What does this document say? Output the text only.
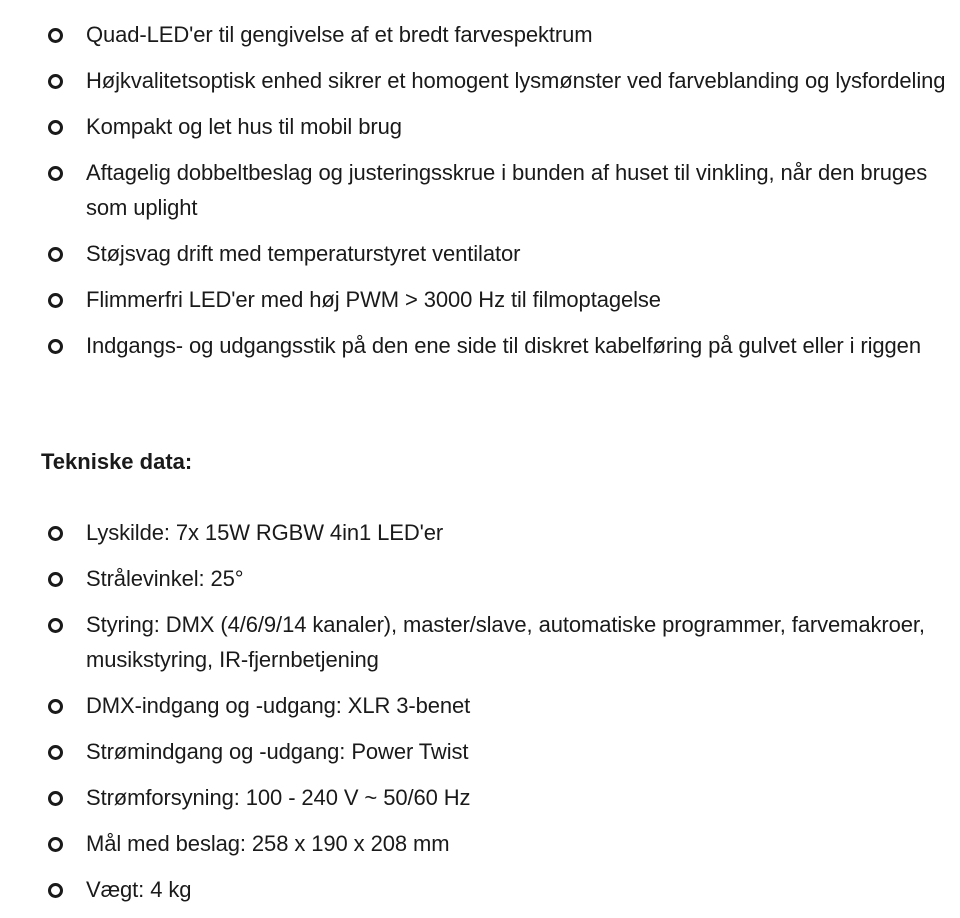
Quad-LED'er til gengivelse af et bredt farvespektrum
Højkvalitetsoptisk enhed sikrer et homogent lysmønster ved farveblanding og lysfordeling
Kompakt og let hus til mobil brug
Aftagelig dobbeltbeslag og justeringsskrue i bunden af huset til vinkling, når den bruges som uplight
Støjsvag drift med temperaturstyret ventilator
Flimmerfri LED'er med høj PWM > 3000 Hz til filmoptagelse
Indgangs- og udgangsstik på den ene side til diskret kabelføring på gulvet eller i riggen
Tekniske data:
Lyskilde: 7x 15W RGBW 4in1 LED'er
Strålevinkel: 25°
Styring: DMX (4/6/9/14 kanaler), master/slave, automatiske programmer, farvemakroer, musikstyring, IR-fjernbetjening
DMX-indgang og -udgang: XLR 3-benet
Strømindgang og -udgang: Power Twist
Strømforsyning: 100 - 240 V ~ 50/60 Hz
Mål med beslag: 258 x 190 x 208 mm
Vægt: 4 kg
